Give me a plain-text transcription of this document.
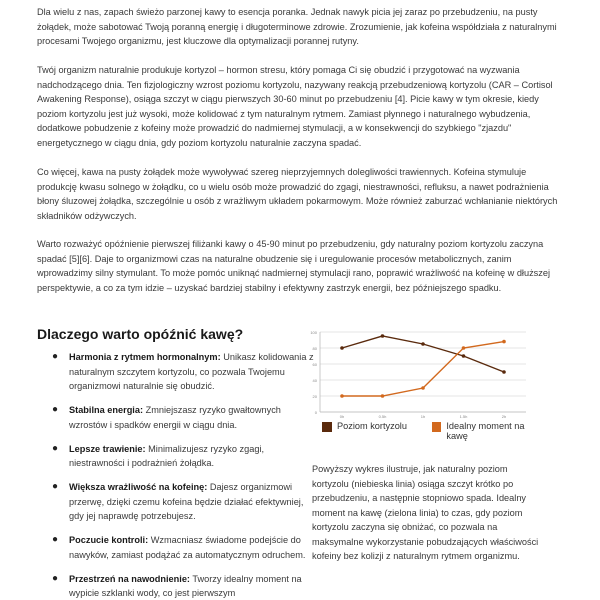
Dla wielu z nas, zapach świeżo parzonej kawy to esencja poranka. Jednak nawyk picia jej zaraz po przebudzeniu, na pusty żołądek, może sabotować Twoją poranną energię i długoterminowe zdrowie. Zrozumienie, jak kofeina współdziała z naturalnymi procesami Twojego organizmu, jest kluczowe dla optymalizacji porannej rutyny.

Twój organizm naturalnie produkuje kortyzol – hormon stresu, który pomaga Ci się obudzić i przygotować na wyzwania nadchodzącego dnia. Ten fizjologiczny wzrost poziomu kortyzolu, nazywany reakcją przebudzeniową kortyzolu (CAR – Cortisol Awakening Response), osiąga szczyt w ciągu pierwszych 30-60 minut po przebudzeniu [4]. Picie kawy w tym okresie, kiedy poziom kortyzolu jest już wysoki, może kolidować z tym naturalnym rytmem. Zamiast płynnego i naturalnego wybudzenia, dodatkowe pobudzenie z kofeiny może prowadzić do nadmiernej stymulacji, a w konsekwencji do szybkiego "zjazdu" energetycznego w ciągu dnia, gdy poziom kortyzolu naturalnie zaczyna spadać.

Co więcej, kawa na pusty żołądek może wywoływać szereg nieprzyjemnych dolegliwości trawiennych. Kofeina stymuluje produkcję kwasu solnego w żołądku, co u wielu osób może prowadzić do zgagi, niestrawności, refluksu, a nawet podrażnienia błony śluzowej żołądka, szczególnie u osób z wrażliwym układem pokarmowym. Może również zaburzać wchłanianie niektórych składników odżywczych.

Warto rozważyć opóźnienie pierwszej filiżanki kawy o 45-90 minut po przebudzeniu, gdy naturalny poziom kortyzolu zaczyna spadać [5][6]. Daje to organizmowi czas na naturalne obudzenie się i uregulowanie procesów metabolicznych, zanim wprowadzimy silny stymulant. To może pomóc uniknąć nadmiernej stymulacji rano, poprawić wrażliwość na kofeinę w dłuższej perspektywie, a co za tym idzie – uzyskać bardziej stabilny i efektywny zastrzyk energii, bez późniejszego spadku.

Dlaczego warto opóźnić kawę?
● Harmonia z rytmem hormonalnym: Unikasz kolidowania z naturalnym szczytem kortyzolu, co pozwala Twojemu organizmowi naturalnie się obudzić.
● Stabilna energia: Zmniejszasz ryzyko gwałtownych wzrostów i spadków energii w ciągu dnia.
● Lepsze trawienie: Minimalizujesz ryzyko zgagi, niestrawności i podrażnień żołądka.
● Większa wrażliwość na kofeinę: Dajesz organizmowi przerwę, dzięki czemu kofeina będzie działać efektywniej, gdy jej naprawdę potrzebujesz.
● Poczucie kontroli: Wzmacniasz świadome podejście do nawyków, zamiast podążać za automatycznym odruchem.
● Przestrzeń na nawodnienie: Tworzy idealny moment na wypicie szklanki wody, co jest pierwszym
0
20
40
60
80
100
0h	0.5h	1h	1.5h	2h
Poziom kortyzolu	Idealny moment na kawę

Powyższy wykres ilustruje, jak naturalny poziom kortyzolu (niebieska linia) osiąga szczyt krótko po przebudzeniu, a następnie stopniowo spada. Idealny moment na kawę (zielona linia) to czas, gdy poziom kortyzolu zaczyna się obniżać, co pozwala na maksymalne wykorzystanie pobudzających właściwości kofeiny bez kolizji z naturalnym rytmem organizmu.
